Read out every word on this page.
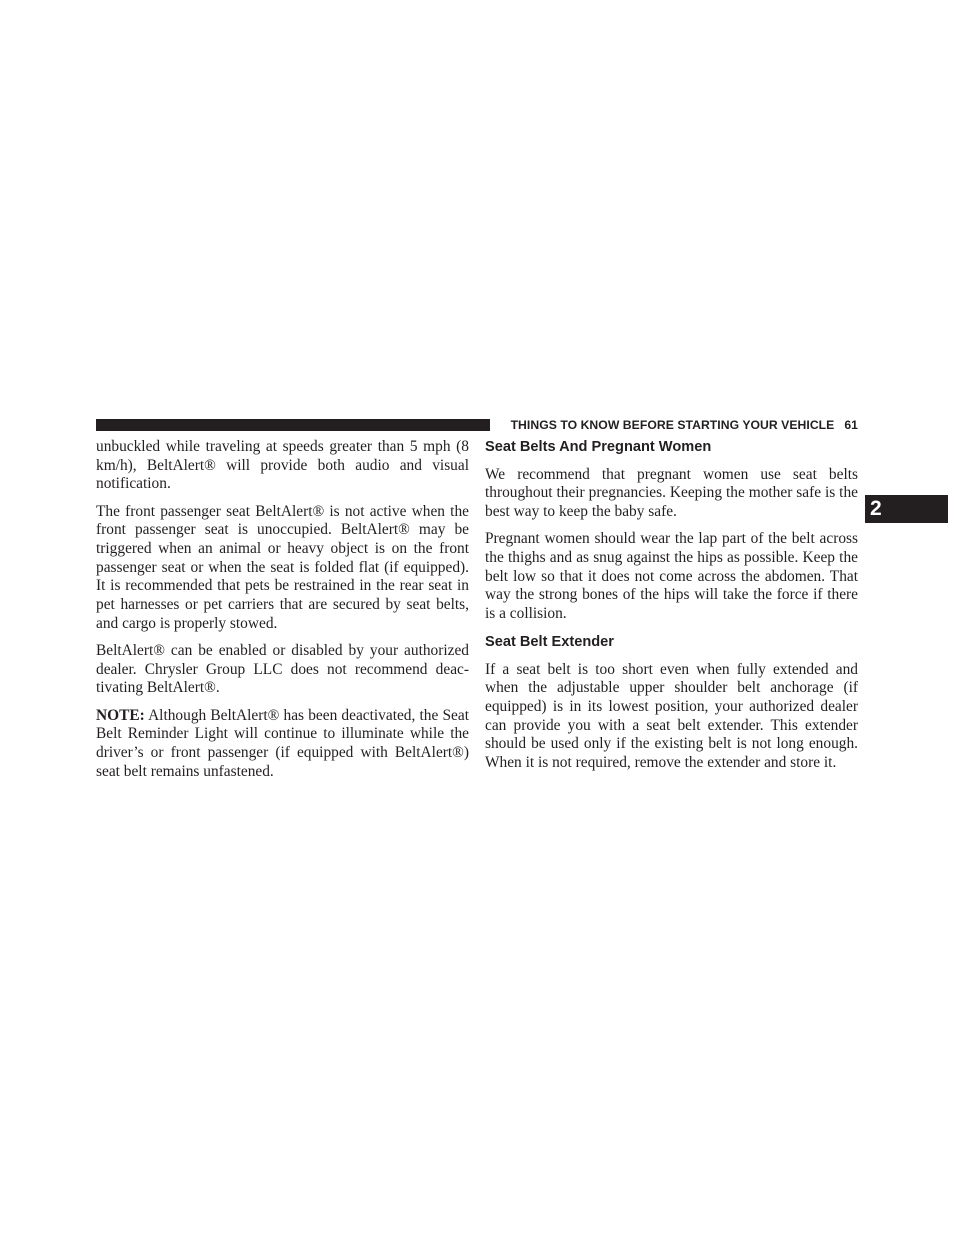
THINGS TO KNOW BEFORE STARTING YOUR VEHICLE 61
2

unbuckled while traveling at speeds greater than 5 mph (8 km/h), BeltAlert® will provide both audio and visual notification.

The front passenger seat BeltAlert® is not active when the front passenger seat is unoccupied. BeltAlert® may be triggered when an animal or heavy object is on the front passenger seat or when the seat is folded flat (if equipped). It is recommended that pets be restrained in the rear seat in pet harnesses or pet carriers that are secured by seat belts, and cargo is properly stowed.

BeltAlert® can be enabled or disabled by your authorized dealer. Chrysler Group LLC does not recommend deactivating BeltAlert®.

NOTE: Although BeltAlert® has been deactivated, the Seat Belt Reminder Light will continue to illuminate while the driver’s or front passenger (if equipped with BeltAlert®) seat belt remains unfastened.

Seat Belts And Pregnant Women

We recommend that pregnant women use seat belts throughout their pregnancies. Keeping the mother safe is the best way to keep the baby safe.

Pregnant women should wear the lap part of the belt across the thighs and as snug against the hips as possible. Keep the belt low so that it does not come across the abdomen. That way the strong bones of the hips will take the force if there is a collision.

Seat Belt Extender

If a seat belt is too short even when fully extended and when the adjustable upper shoulder belt anchorage (if equipped) is in its lowest position, your authorized dealer can provide you with a seat belt extender. This extender should be used only if the existing belt is not long enough. When it is not required, remove the extender and store it.
